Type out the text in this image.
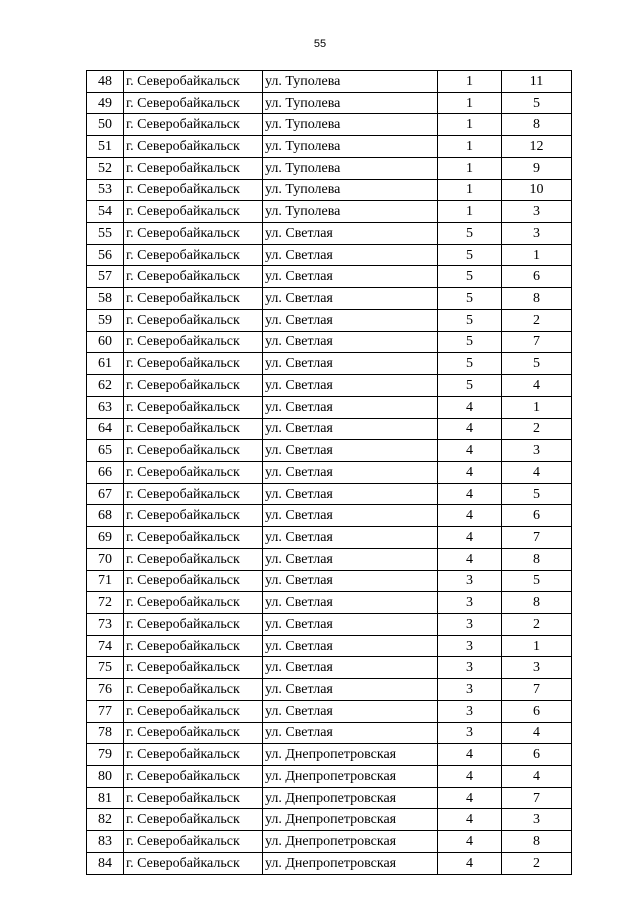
55
48	г. Северобайкальск	ул. Туполева	1	11
49	г. Северобайкальск	ул. Туполева	1	5
50	г. Северобайкальск	ул. Туполева	1	8
51	г. Северобайкальск	ул. Туполева	1	12
52	г. Северобайкальск	ул. Туполева	1	9
53	г. Северобайкальск	ул. Туполева	1	10
54	г. Северобайкальск	ул. Туполева	1	3
55	г. Северобайкальск	ул. Светлая	5	3
56	г. Северобайкальск	ул. Светлая	5	1
57	г. Северобайкальск	ул. Светлая	5	6
58	г. Северобайкальск	ул. Светлая	5	8
59	г. Северобайкальск	ул. Светлая	5	2
60	г. Северобайкальск	ул. Светлая	5	7
61	г. Северобайкальск	ул. Светлая	5	5
62	г. Северобайкальск	ул. Светлая	5	4
63	г. Северобайкальск	ул. Светлая	4	1
64	г. Северобайкальск	ул. Светлая	4	2
65	г. Северобайкальск	ул. Светлая	4	3
66	г. Северобайкальск	ул. Светлая	4	4
67	г. Северобайкальск	ул. Светлая	4	5
68	г. Северобайкальск	ул. Светлая	4	6
69	г. Северобайкальск	ул. Светлая	4	7
70	г. Северобайкальск	ул. Светлая	4	8
71	г. Северобайкальск	ул. Светлая	3	5
72	г. Северобайкальск	ул. Светлая	3	8
73	г. Северобайкальск	ул. Светлая	3	2
74	г. Северобайкальск	ул. Светлая	3	1
75	г. Северобайкальск	ул. Светлая	3	3
76	г. Северобайкальск	ул. Светлая	3	7
77	г. Северобайкальск	ул. Светлая	3	6
78	г. Северобайкальск	ул. Светлая	3	4
79	г. Северобайкальск	ул. Днепропетровская	4	6
80	г. Северобайкальск	ул. Днепропетровская	4	4
81	г. Северобайкальск	ул. Днепропетровская	4	7
82	г. Северобайкальск	ул. Днепропетровская	4	3
83	г. Северобайкальск	ул. Днепропетровская	4	8
84	г. Северобайкальск	ул. Днепропетровская	4	2
